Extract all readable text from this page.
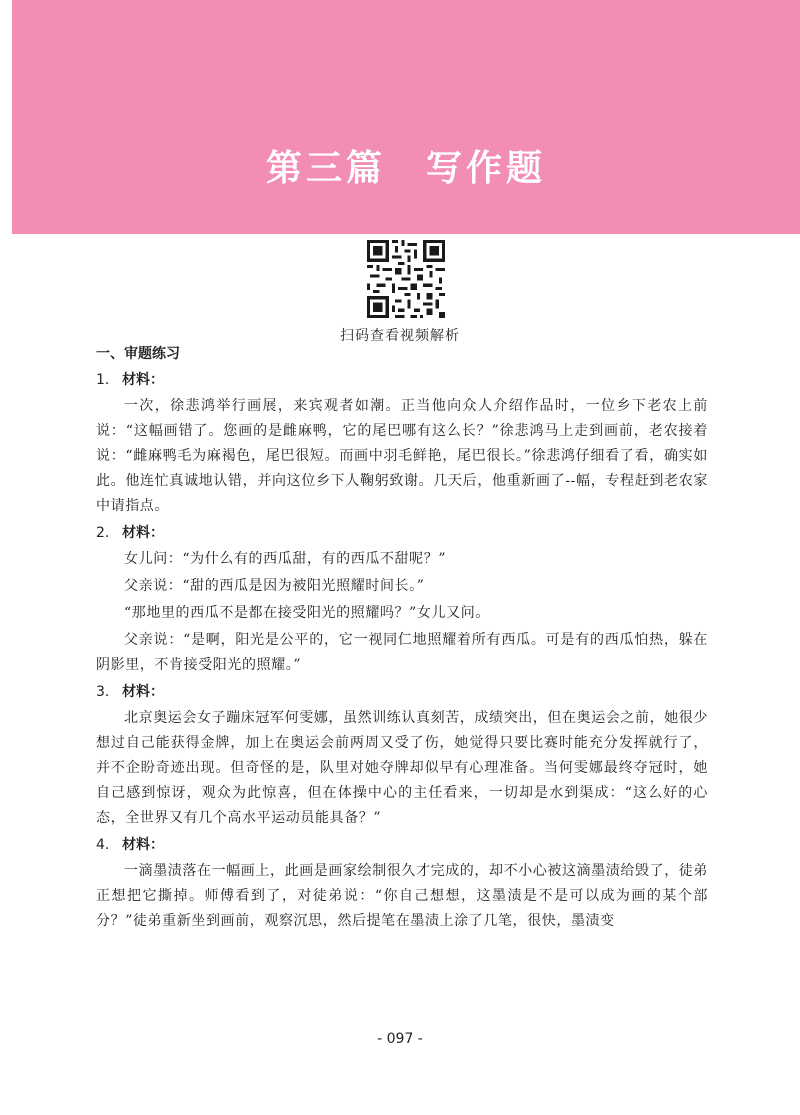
第三篇　写作题
扫码查看视频解析
一、审题练习
1. 材料：

一次，徐悲鸿举行画展，来宾观者如潮。正当他向众人介绍作品时，一位乡下老农上前说：“这幅画错了。您画的是雌麻鸭，它的尾巴哪有这么长？”徐悲鸿马上走到画前，老农接着说：“雌麻鸭毛为麻褐色，尾巴很短。而画中羽毛鲜艳，尾巴很长。”徐悲鸿仔细看了看，确实如此。他连忙真诚地认错，并向这位乡下人鞠躬致谢。几天后，他重新画了--幅，专程赶到老农家中请指点。

2. 材料：

女儿问：“为什么有的西瓜甜，有的西瓜不甜呢？”

父亲说：“甜的西瓜是因为被阳光照耀时间长。”

“那地里的西瓜不是都在接受阳光的照耀吗？”女儿又问。

父亲说：“是啊，阳光是公平的，它一视同仁地照耀着所有西瓜。可是有的西瓜怕热，躲在阴影里，不肯接受阳光的照耀。”

3. 材料：

北京奥运会女子蹦床冠军何雯娜，虽然训练认真刻苦，成绩突出，但在奥运会之前，她很少想过自己能获得金牌，加上在奥运会前两周又受了伤，她觉得只要比赛时能充分发挥就行了，并不企盼奇迹出现。但奇怪的是，队里对她夺牌却似早有心理准备。当何雯娜最终夺冠时，她自己感到惊讶，观众为此惊喜，但在体操中心的主任看来，一切却是水到渠成：“这么好的心态，全世界又有几个高水平运动员能具备？”

4. 材料：

一滴墨渍落在一幅画上，此画是画家绘制很久才完成的，却不小心被这滴墨渍给毁了，徒弟正想把它撕掉。师傅看到了，对徒弟说：“你自己想想，这墨渍是不是可以成为画的某个部分？”徒弟重新坐到画前，观察沉思，然后提笔在墨渍上涂了几笔，很快，墨渍变

- 097 -
